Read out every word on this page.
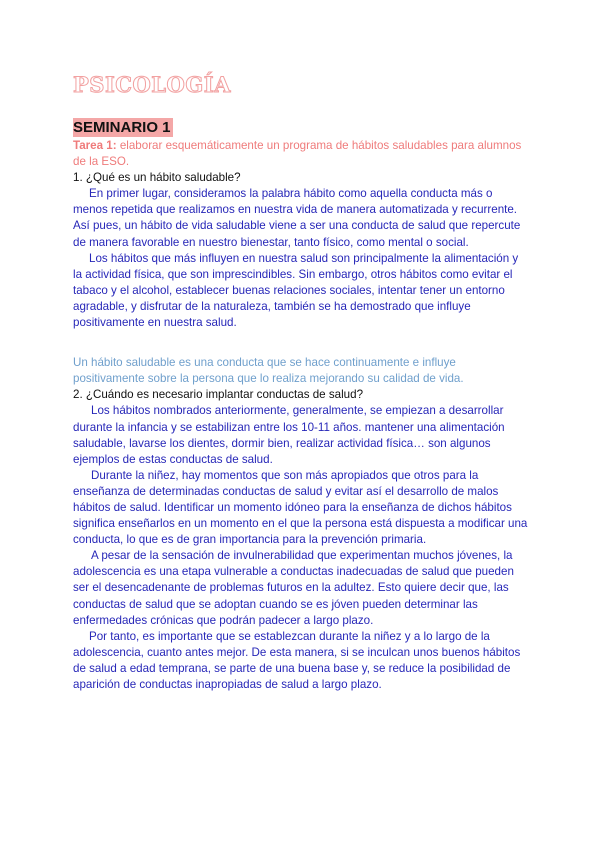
PSICOLOGÍA
SEMINARIO 1

Tarea 1: elaborar esquemáticamente un programa de hábitos saludables para alumnos de la ESO.

1. ¿Qué es un hábito saludable?

En primer lugar, consideramos la palabra hábito como aquella conducta más o menos repetida que realizamos en nuestra vida de manera automatizada y recurrente. Así pues, un hábito de vida saludable viene a ser una conducta de salud que repercute de manera favorable en nuestro bienestar, tanto físico, como mental o social.

Los hábitos que más influyen en nuestra salud son principalmente la alimentación y la actividad física, que son imprescindibles. Sin embargo, otros hábitos como evitar el tabaco y el alcohol, establecer buenas relaciones sociales, intentar tener un entorno agradable, y disfrutar de la naturaleza, también se ha demostrado que influye positivamente en nuestra salud.

Un hábito saludable es una conducta que se hace continuamente e influye positivamente sobre la persona que lo realiza mejorando su calidad de vida.

2. ¿Cuándo es necesario implantar conductas de salud?

Los hábitos nombrados anteriormente, generalmente, se empiezan a desarrollar durante la infancia y se estabilizan entre los 10-11 años. mantener una alimentación saludable, lavarse los dientes, dormir bien, realizar actividad física… son algunos ejemplos de estas conductas de salud.

Durante la niñez, hay momentos que son más apropiados que otros para la enseñanza de determinadas conductas de salud y evitar así el desarrollo de malos hábitos de salud. Identificar un momento idóneo para la enseñanza de dichos hábitos significa enseñarlos en un momento en el que la persona está dispuesta a modificar una conducta, lo que es de gran importancia para la prevención primaria.

A pesar de la sensación de invulnerabilidad que experimentan muchos jóvenes, la adolescencia es una etapa vulnerable a conductas inadecuadas de salud que pueden ser el desencadenante de problemas futuros en la adultez. Esto quiere decir que, las conductas de salud que se adoptan cuando se es jóven pueden determinar las enfermedades crónicas que podrán padecer a largo plazo.

Por tanto, es importante que se establezcan durante la niñez y a lo largo de la adolescencia, cuanto antes mejor. De esta manera, si se inculcan unos buenos hábitos de salud a edad temprana, se parte de una buena base y, se reduce la posibilidad de aparición de conductas inapropiadas de salud a largo plazo.
